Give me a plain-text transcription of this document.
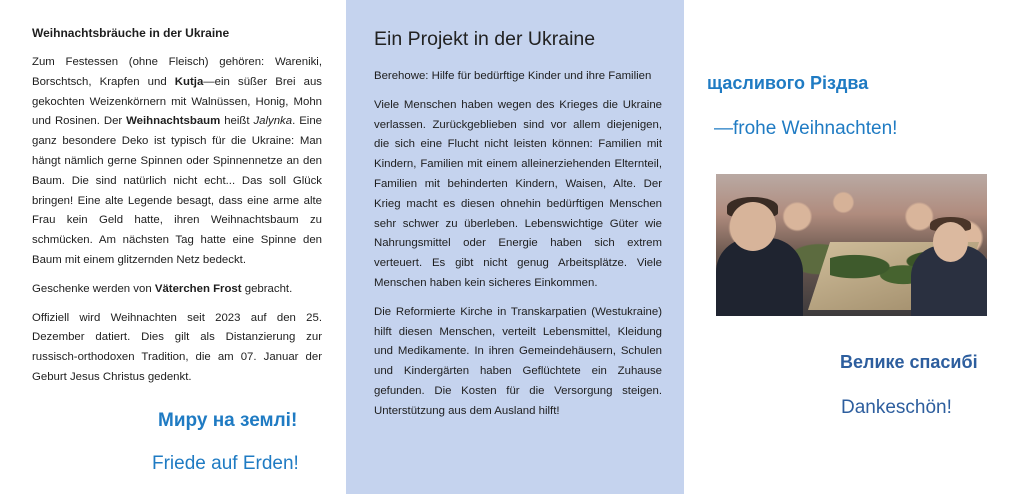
Weihnachtsbräuche in der Ukraine

Zum Festessen (ohne Fleisch) gehören: Wareniki, Borschtsch, Krapfen und Kutja—ein süßer Brei aus gekochten Weizenkörnern mit Walnüssen, Honig, Mohn und Rosinen. Der Weihnachtsbaum heißt Jalynka. Eine ganz besondere Deko ist typisch für die Ukraine: Man hängt nämlich gerne Spinnen oder Spinnennetze an den Baum. Die sind natürlich nicht echt... Das soll Glück bringen! Eine alte Legende besagt, dass eine arme alte Frau kein Geld hatte, ihren Weihnachtsbaum zu schmücken. Am nächsten Tag hatte eine Spinne den Baum mit einem glitzernden Netz bedeckt.

Geschenke werden von Väterchen Frost gebracht.

Offiziell wird Weihnachten seit 2023 auf den 25. Dezember datiert. Dies gilt als Distanzierung zur russisch-orthodoxen Tradition, die am 07. Januar der Geburt Jesus Christus gedenkt.

Миру на землі!
Friede auf Erden!
Ein Projekt in der Ukraine

Berehowe: Hilfe für bedürftige Kinder und ihre Familien

Viele Menschen haben wegen des Krieges die Ukraine verlassen. Zurückgeblieben sind vor allem diejenigen, die sich eine Flucht nicht leisten können: Familien mit Kindern, Familien mit einem alleinerziehenden Elternteil, Familien mit behinderten Kindern, Waisen, Alte. Der Krieg macht es diesen ohnehin bedürftigen Menschen sehr schwer zu überleben. Lebenswichtige Güter wie Nahrungsmittel oder Energie haben sich extrem verteuert. Es gibt nicht genug Arbeitsplätze. Viele Menschen haben kein sicheres Einkommen.

Die Reformierte Kirche in Transkarpatien (Westukraine) hilft diesen Menschen, verteilt Lebensmittel, Kleidung und Medikamente. In ihren Gemeindehäusern, Schulen und Kindergärten haben Geflüchtete ein Zuhause gefunden. Die Kosten für die Versorgung steigen. Unterstützung aus dem Ausland hilft!

щасливого Різдва
—frohe Weihnachten!
Велике спасибі
Dankeschön!
